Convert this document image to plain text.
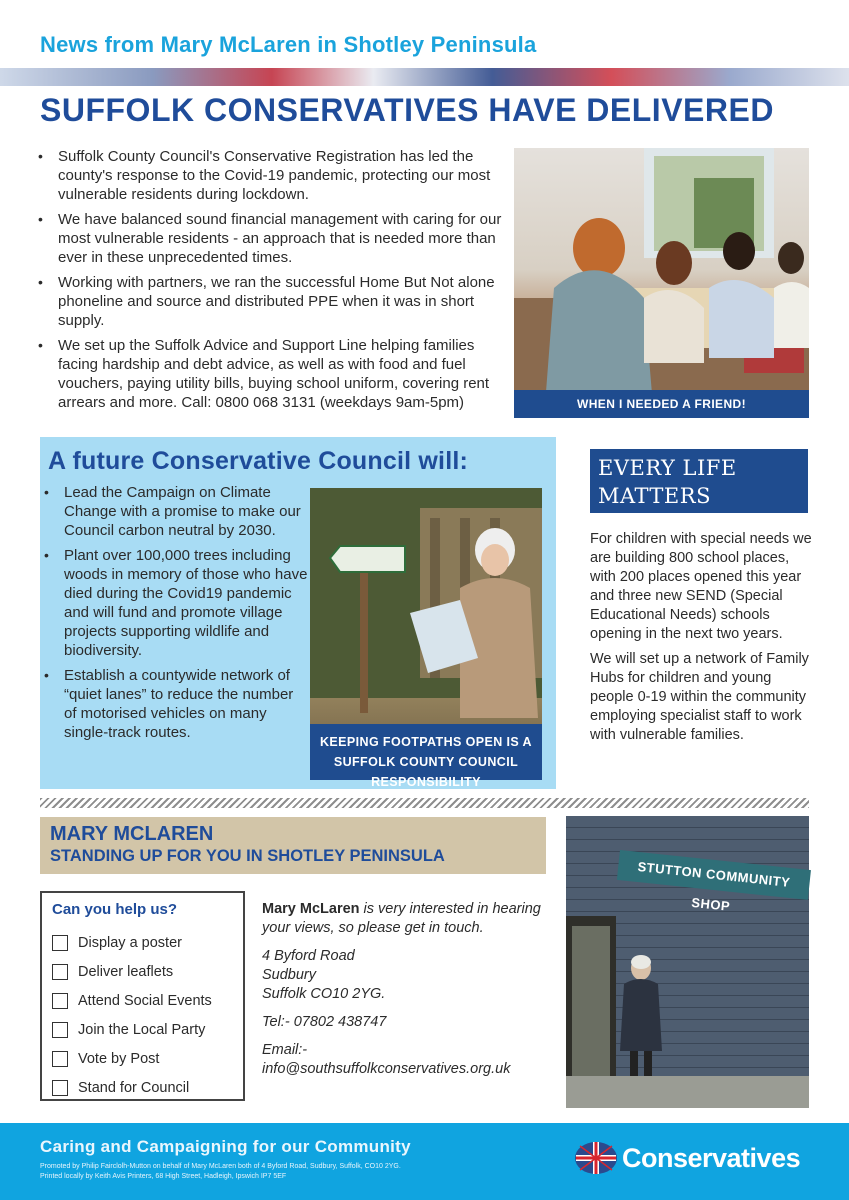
News from Mary McLaren in Shotley Peninsula
SUFFOLK CONSERVATIVES HAVE DELIVERED
• Suffolk County Council's Conservative Registration has led the county's response to the Covid-19 pandemic, protecting our most vulnerable residents during lockdown.
• We have balanced sound financial management with caring for our most vulnerable residents - an approach that is needed more than ever in these unprecedented times.
• Working with partners, we ran the successful Home But Not alone phoneline and source and distributed PPE when it was in short supply.
• We set up the Suffolk Advice and Support Line helping families facing hardship and debt advice, as well as with food and fuel vouchers, paying utility bills, buying school uniform, covering rent arrears and more. Call: 0800 068 3131 (weekdays 9am-5pm)	WHEN I NEEDED A FRIEND!
A future Conservative Council will:
• Lead the Campaign on Climate Change with a promise to make our Council carbon neutral by 2030.
• Plant over 100,000 trees including woods in memory of those who have died during the Covid19 pandemic and will fund and promote village projects supporting wildlife and biodiversity.
• Establish a countywide network of “quiet lanes” to reduce the number of motorised vehicles on many single-track routes.
KEEPING FOOTPATHS OPEN IS A SUFFOLK COUNTY COUNCIL RESPONSIBILITY
EVERY LIFE MATTERS

For children with special needs we are building 800 school places, with 200 places opened this year and three new SEND (Special Educational Needs) schools opening in the next two years.

We will set up a network of Family Hubs for children and young people 0-19 within the community employing specialist staff to work with vulnerable families.

MARY MCLAREN
STANDING UP FOR YOU IN SHOTLEY PENINSULA
Can you help us?
Display a poster
Deliver leaflets
Attend Social Events
Join the Local Party
Vote by Post
Stand for Council

Mary McLaren is very interested in hearing your views, so please get in touch.

4 Byford Road
Sudbury
Suffolk CO10 2YG.

Tel:- 07802 438747

Email:-
info@southsuffolkconservatives.org.uk

STUTTON COMMUNITY SHOP
Caring and Campaigning for our Community
Promoted by Philip Fairclolh-Mutton on behalf of Mary McLaren both of 4 Byford Road, Sudbury, Suffolk, CO10 2YG.
Printed locally by Keith Avis Printers, 68 High Street, Hadleigh, Ipswich IP7 5EF
Conservatives
